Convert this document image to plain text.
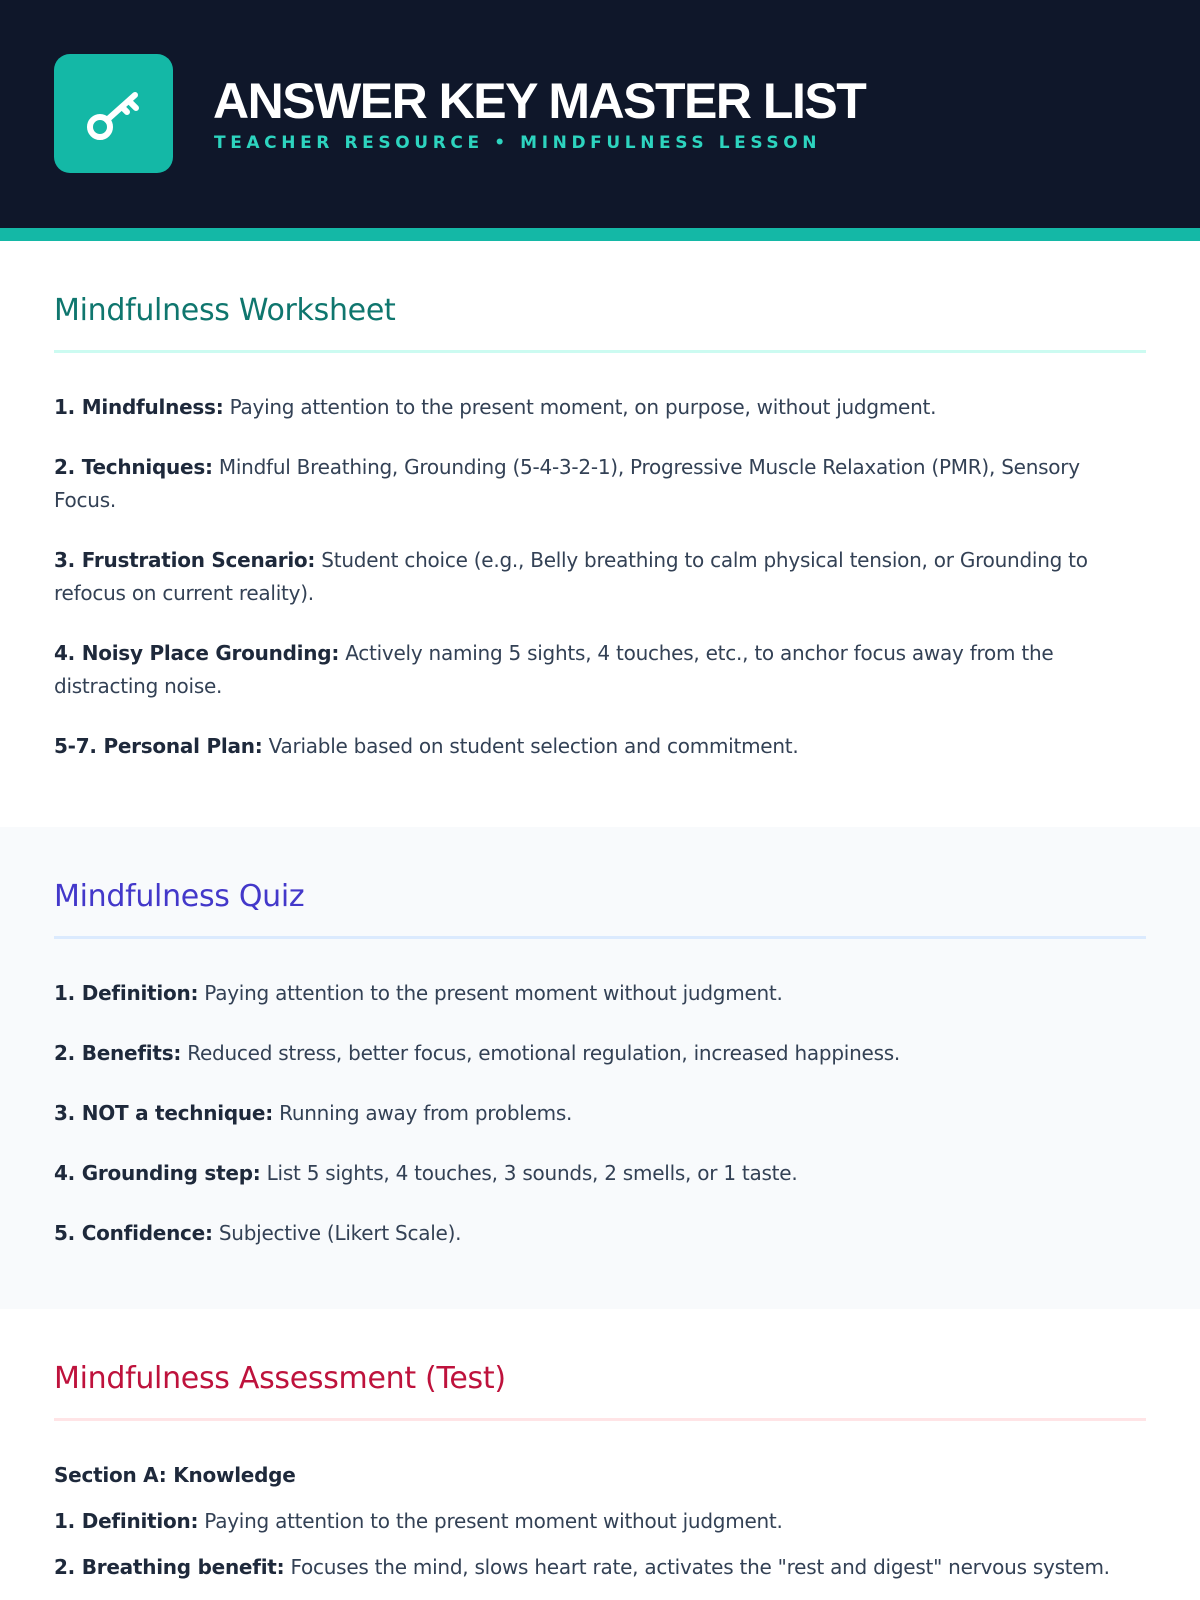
ANSWER KEY MASTER LIST
TEACHER RESOURCE • MINDFULNESS LESSON
Mindfulness Worksheet
1. Mindfulness: Paying attention to the present moment, on purpose, without judgment.
2. Techniques: Mindful Breathing, Grounding (5-4-3-2-1), Progressive Muscle Relaxation (PMR), Sensory Focus.
3. Frustration Scenario: Student choice (e.g., Belly breathing to calm physical tension, or Grounding to refocus on current reality).
4. Noisy Place Grounding: Actively naming 5 sights, 4 touches, etc., to anchor focus away from the distracting noise.
5-7. Personal Plan: Variable based on student selection and commitment.
Mindfulness Quiz
1. Definition: Paying attention to the present moment without judgment.
2. Benefits: Reduced stress, better focus, emotional regulation, increased happiness.
3. NOT a technique: Running away from problems.
4. Grounding step: List 5 sights, 4 touches, 3 sounds, 2 smells, or 1 taste.
5. Confidence: Subjective (Likert Scale).
Mindfulness Assessment (Test)
Section A: Knowledge
1. Definition: Paying attention to the present moment without judgment.
2. Breathing benefit: Focuses the mind, slows heart rate, activates the "rest and digest" nervous system.
